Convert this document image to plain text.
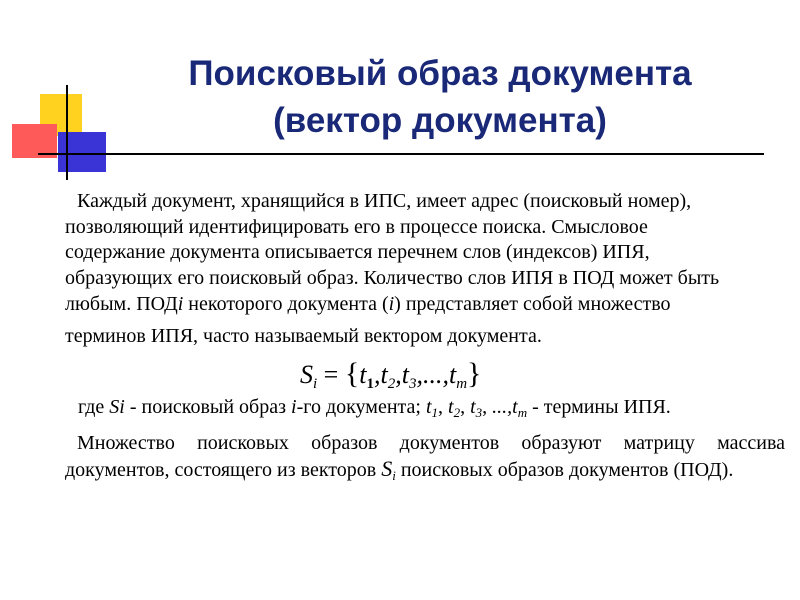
Поисковый образ документа
(вектор документа)
Каждый документ, хранящийся в ИПС, имеет адрес (поисковый номер),
позволяющий идентифицировать его в процессе поиска. Смысловое
содержание документа описывается перечнем слов (индексов) ИПЯ,
образующих его поисковый образ. Количество слов ИПЯ в ПОД может быть
любым. ПОДi некоторого документа (i) представляет собой множество
терминов ИПЯ, часто называемый вектором документа.
$S_i = \{t_1,t_2,t_3,...,t_m\}$
где Si - поисковый образ i-го документа; $t_1$, $t_2$, $t_3$, $...,t_m$ - термины ИПЯ.
Множество поисковых образов документов образуют матрицу массива документов, состоящего из векторов $S_i$ поисковых образов документов (ПОД).
